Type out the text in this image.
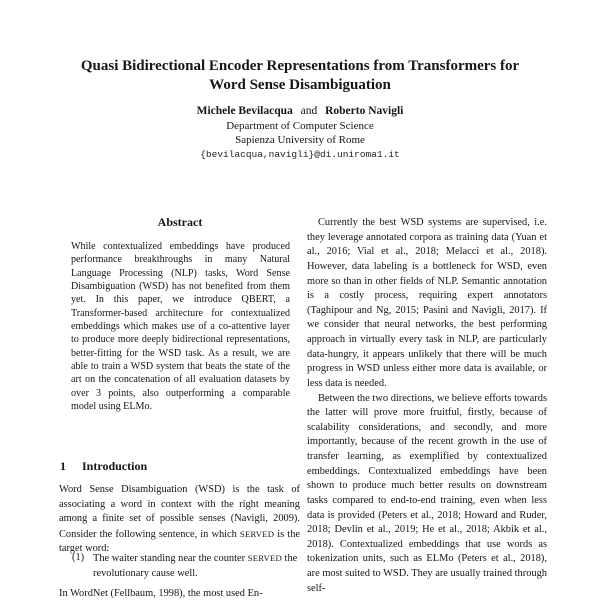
Quasi Bidirectional Encoder Representations from Transformers for
Word Sense Disambiguation
Michele Bevilacqua and Roberto Navigli
Department of Computer Science
Sapienza University of Rome
{bevilacqua,navigli}@di.uniroma1.it
Abstract
While contextualized embeddings have produced performance breakthroughs in many Natural Language Processing (NLP) tasks, Word Sense Disambiguation (WSD) has not benefited from them yet. In this paper, we introduce QBERT, a Transformer-based architecture for contextualized embeddings which makes use of a co-attentive layer to produce more deeply bidirectional representations, better-fitting for the WSD task. As a result, we are able to train a WSD system that beats the state of the art on the concatenation of all evaluation datasets by over 3 points, also outperforming a comparable model using ELMo.
1	Introduction
Word Sense Disambiguation (WSD) is the task of associating a word in context with the right meaning among a finite set of possible senses (Navigli, 2009). Consider the following sentence, in which SERVED is the target word:
(1) The waiter standing near the counter SERVED the revolutionary cause well.
In WordNet (Fellbaum, 1998), the most used En-

Currently the best WSD systems are supervised, i.e. they leverage annotated corpora as training data (Yuan et al., 2016; Vial et al., 2018; Melacci et al., 2018). However, data labeling is a bottleneck for WSD, even more so than in other fields of NLP. Semantic annotation is a costly process, requiring expert annotators (Taghipour and Ng, 2015; Pasini and Navigli, 2017). If we consider that neural networks, the best performing approach in virtually every task in NLP, are particularly data-hungry, it appears unlikely that there will be much progress in WSD unless either more data is available, or less data is needed.

Between the two directions, we believe efforts towards the latter will prove more fruitful, firstly, because of scalability considerations, and secondly, and more importantly, because of the recent growth in the use of transfer learning, as exemplified by contextualized embeddings. Contextualized embeddings have been shown to produce much better results on downstream tasks compared to end-to-end training, even when less data is provided (Peters et al., 2018; Howard and Ruder, 2018; Devlin et al., 2019; He et al., 2018; Akbik et al., 2018). Contextualized embeddings that use words as tokenization units, such as ELMo (Peters et al., 2018), are most suited to WSD. They are usually trained through self-
